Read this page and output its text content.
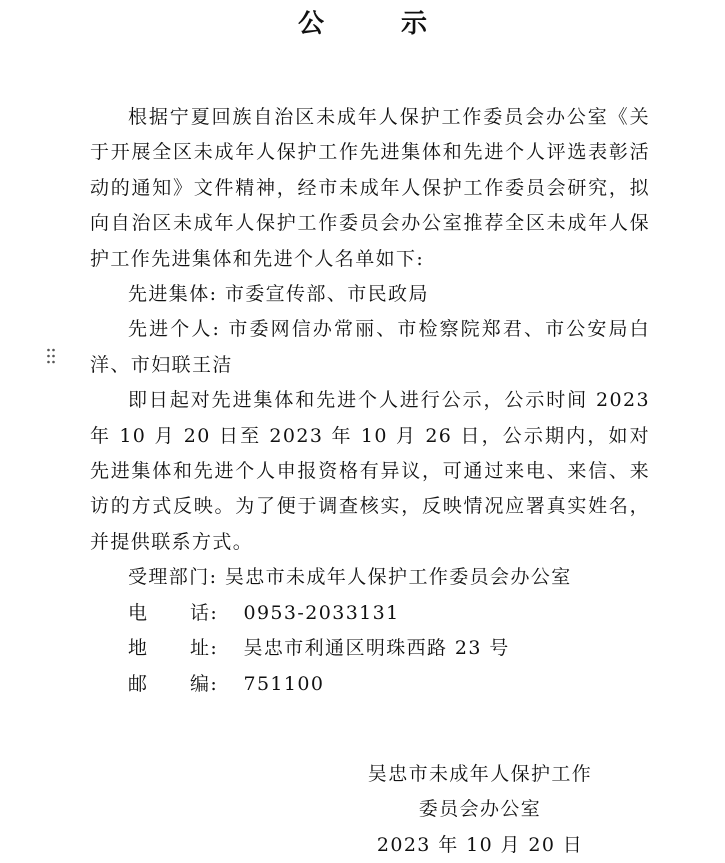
公 示

根据宁夏回族自治区未成年人保护工作委员会办公室《关于开展全区未成年人保护工作先进集体和先进个人评选表彰活动的通知》文件精神，经市未成年人保护工作委员会研究，拟向自治区未成年人保护工作委员会办公室推荐全区未成年人保护工作先进集体和先进个人名单如下:

先进集体: 市委宣传部、市民政局

先进个人: 市委网信办常丽、市检察院郑君、市公安局白洋、市妇联王洁

即日起对先进集体和先进个人进行公示，公示时间 2023 年 10 月 20 日至 2023 年 10 月 26 日，公示期内，如对先进集体和先进个人申报资格有异议，可通过来电、来信、来访的方式反映。为了便于调查核实，反映情况应署真实姓名，并提供联系方式。

受理部门: 吴忠市未成年人保护工作委员会办公室
电 话: 0953-2033131
地 址: 吴忠市利通区明珠西路 23 号
邮 编: 751100
吴忠市未成年人保护工作
委员会办公室
2023 年 10 月 20 日
